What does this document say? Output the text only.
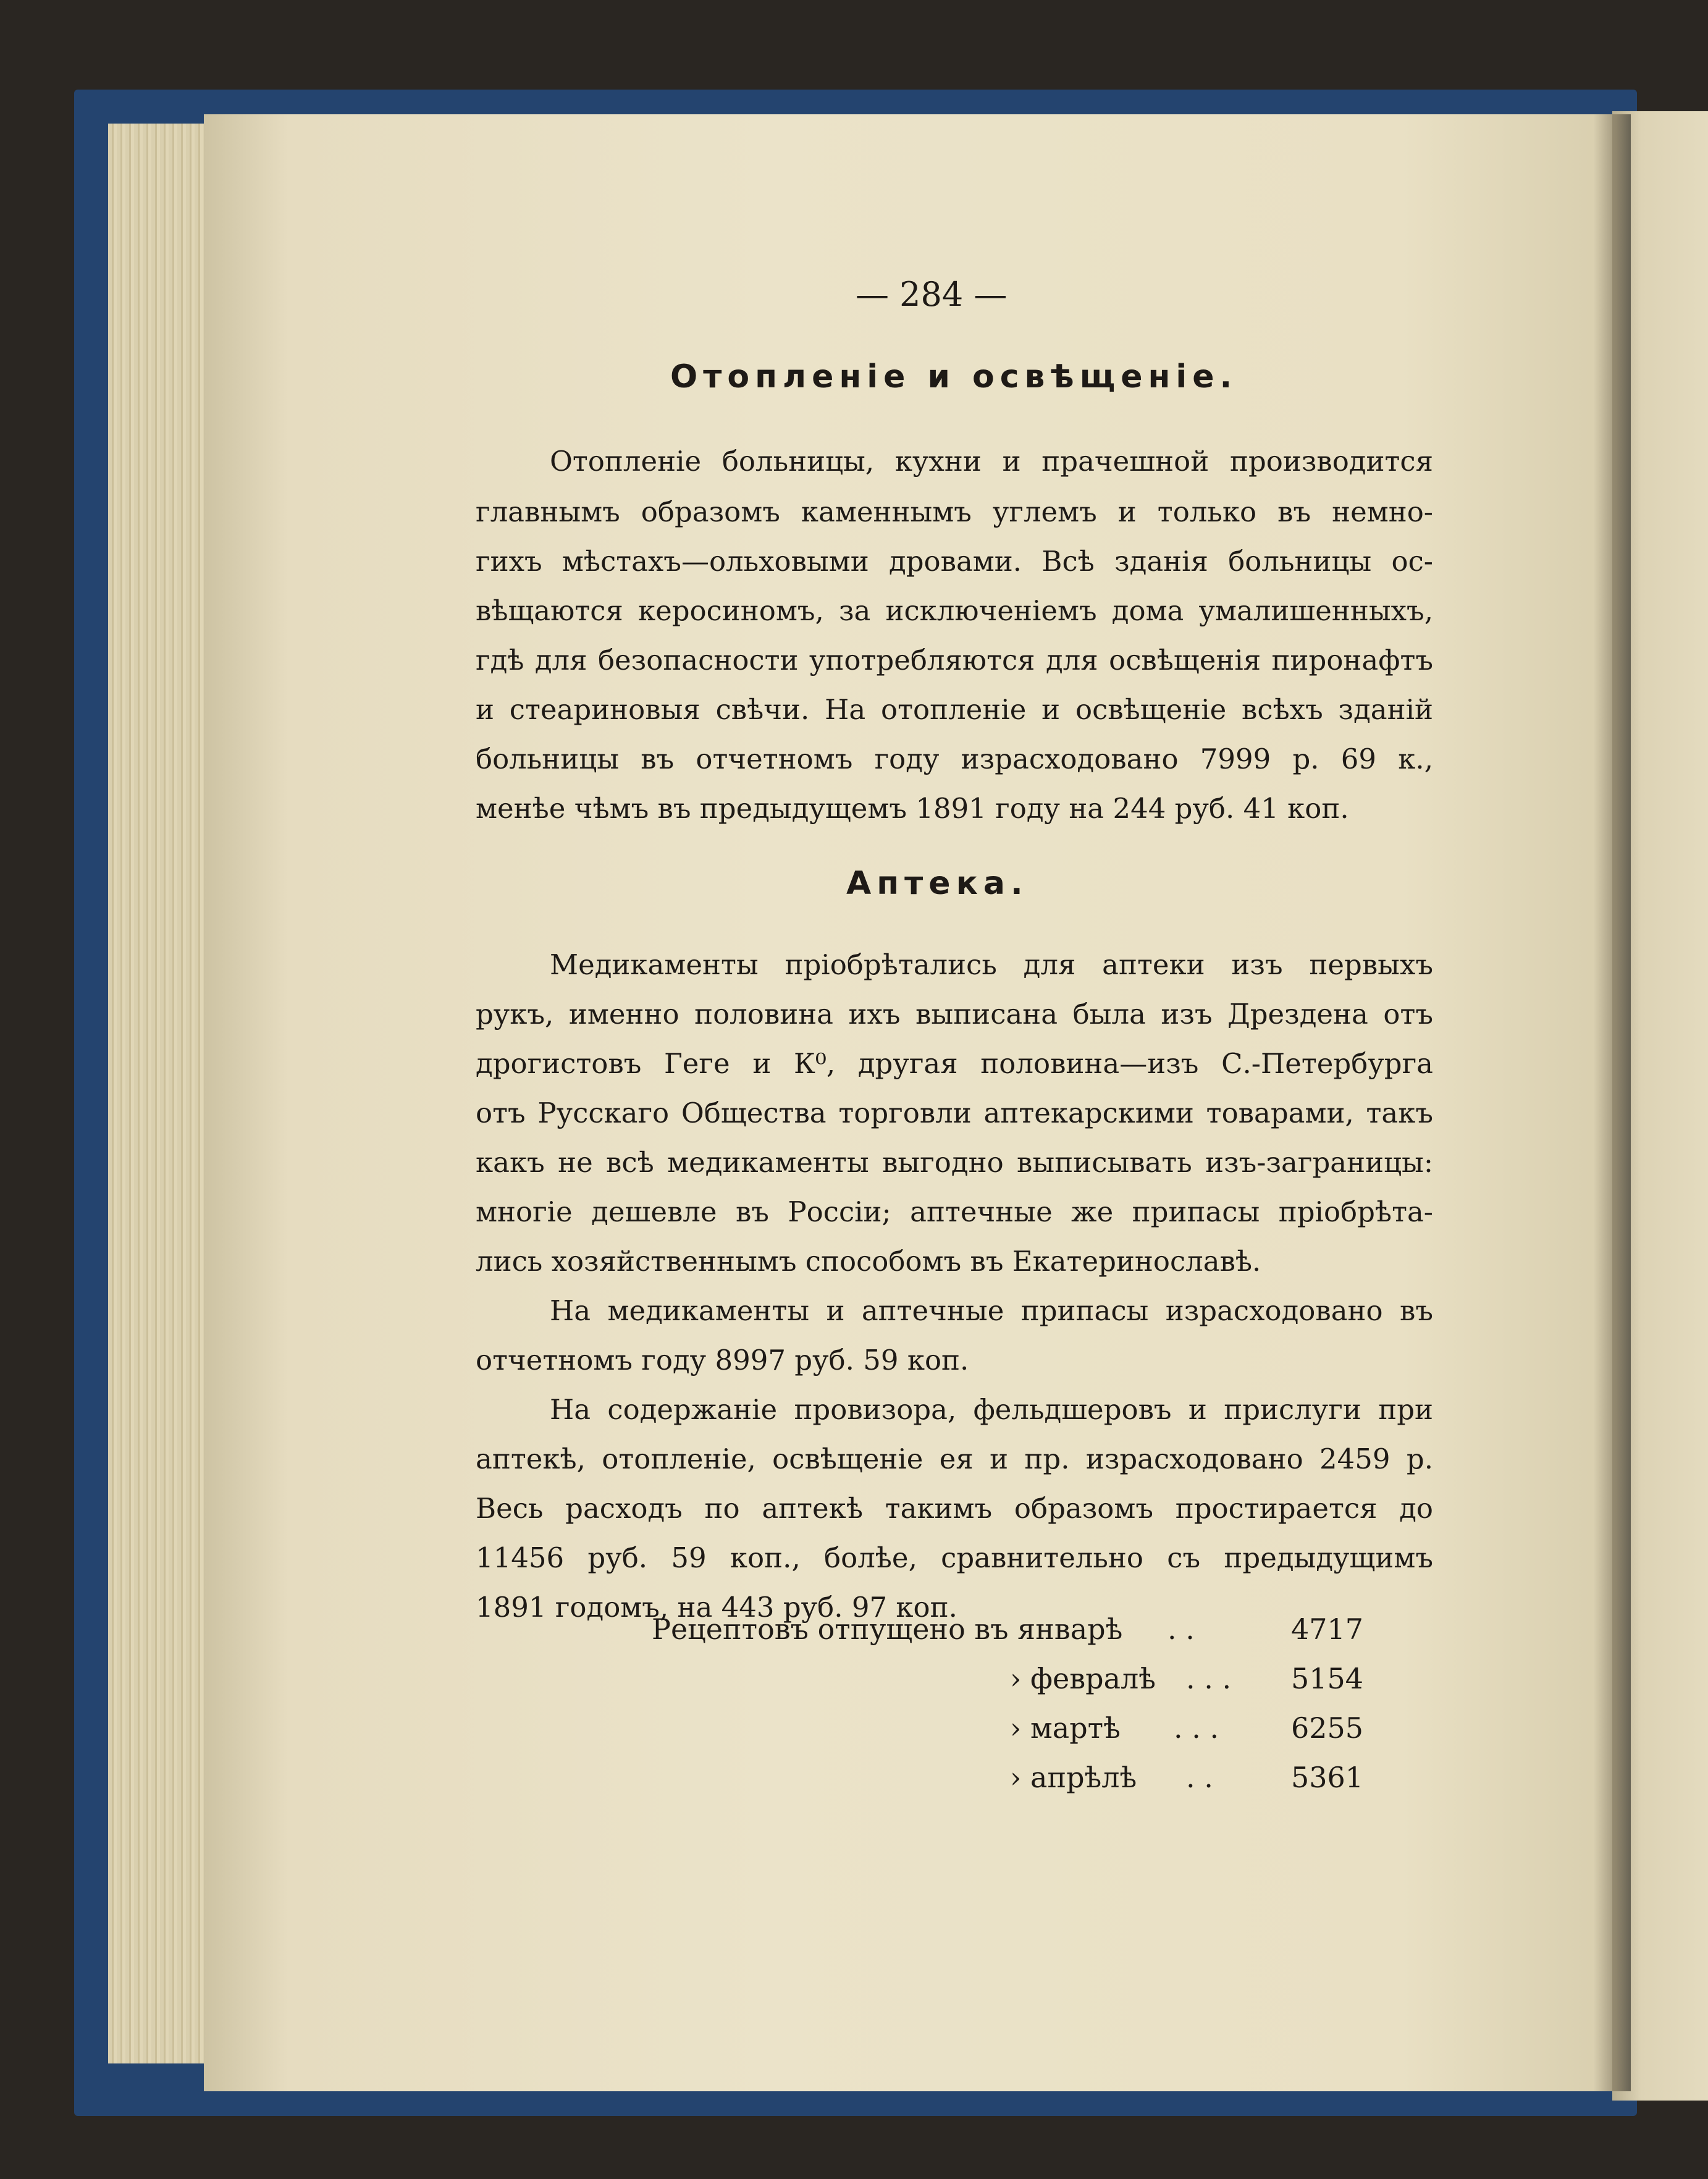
— 284 —
Отопленiе и освѣщенiе.
Отопленiе больницы, кухни и прачешной производится
главнымъ образомъ каменнымъ углемъ и только въ немно-
гихъ мѣстахъ—ольховыми дровами. Всѣ зданiя больницы ос-
вѣщаются керосиномъ, за исключенiемъ дома умалишенныхъ,
гдѣ для безопасности употребляются для освѣщенiя пиронафтъ
и стеариновыя свѣчи. На отопленiе и освѣщенiе всѣхъ зданiй
больницы въ отчетномъ году израсходовано 7999 р. 69 к.,
менѣе чѣмъ въ предыдущемъ 1891 году на 244 руб. 41 коп.
Аптека.
Медикаменты прiобрѣтались для аптеки изъ первыхъ
рукъ, именно половина ихъ выписана была изъ Дрездена отъ
дрогистовъ Геге и К⁰, другая половина—изъ С.-Петербурга
отъ Русскаго Общества торговли аптекарскими товарами, такъ
какъ не всѣ медикаменты выгодно выписывать изъ-заграницы:
многiе дешевле въ Россiи; аптечные же припасы прiобрѣта-
лись хозяйственнымъ способомъ въ Екатеринославѣ.
На медикаменты и аптечные припасы израсходовано въ
отчетномъ году 8997 руб. 59 коп.
На содержанiе провизора, фельдшеровъ и прислуги при
аптекѣ, отопленiе, освѣщенiе ея и пр. израсходовано 2459 р.
Весь расходъ по аптекѣ такимъ образомъ простирается до
11456 руб. 59 коп., болѣе, сравнительно съ предыдущимъ
1891 годомъ, на 443 руб. 97 коп.
Рецептовъ отпущено въ январѣ . .	4717
› февралѣ . . . 5154
› мартѣ . . .	6255
› апрѣлѣ . .	5361
